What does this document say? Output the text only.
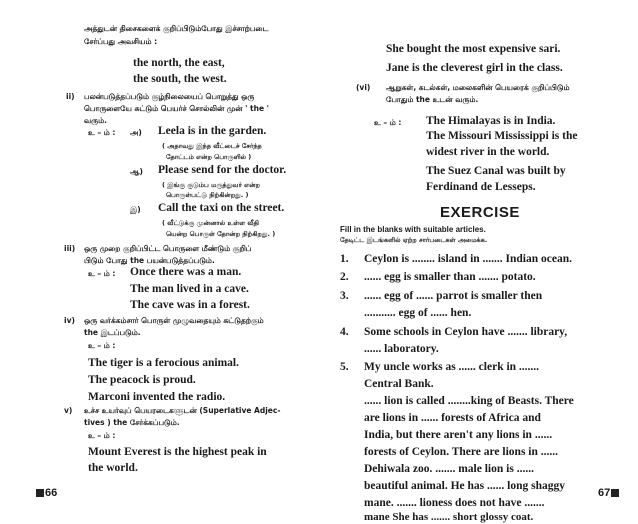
அத்துடன் திசைகளைக் குறிப்பிடும்போது இச்சாற்படை
சேர்ப்பது அவசியம் :
the north, the east,
the south, the west.
ii) பலன்படுத்தப்படும் குழ்நிலையைப் பொறுத்து ஒரு
பொருளையே சுட்டும் பெயர்ச் சொல்லின் முன் ' the '
வரும்.
உ – ம் : அ) Leela is in the garden.
( அதாவது இந்த வீட்டைச் சேர்ந்த
தோட்டம் என்ற பொருளில் )
ஆ) Please send for the doctor.
( இங்கு குடும்ப மருத்துவர் என்ற
பொருள்பட்டு நிற்கின்றது. )
இ) Call the taxi on the street.
( வீட்டுக்கு முன்னால் உள்ள வீதி
யென்ற பொருள் தோன்ற நிற்கிறது. )
iii) ஒரு முறை குறிப்பிட்ட பொருளை மீண்டும் குறிப்
பிடும் போது the பயன்படுத்தப்படும்.
உ – ம் : Once there was a man.
The man lived in a cave.
The cave was in a forest.
iv) ஒரு வர்க்கம்சார் பொருள் முழுவதையும் சுட்டுதற்கும்
the இடப்படும்.
உ – ம் :
The tiger is a ferocious animal.
The peacock is proud.
Marconi invented the radio.
v) உச்ச உயர்வுப் பெயரடைகளுடன் (Superlative Adjec-
tives ) the சேர்க்கப்படும்.
உ – ம் :
Mount Everest is the highest peak in
the world.
66
She bought the most expensive sari.
Jane is the cleverest girl in the class.
(vi) ஆறுகள், கடல்கள், மலைகளின் பெயரைக் குறிப்பிடும்
போதும் the உடன் வரும்.
உ – ம் : The Himalayas is in India.
The Missouri Mississippi is the
widest river in the world.
The Suez Canal was built by
Ferdinand de Lesseps.
EXERCISE
Fill in the blanks with suitable articles.
தேடிட்ட இடங்களில் ஏற்ற சார்படைகள் அமைக்க.
1. Ceylon is ........ island in ....... Indian ocean.
2. ...... egg is smaller than ....... potato.
3. ...... egg of ...... parrot is smaller then
........... egg of ...... hen.
4. Some schools in Ceylon have ....... library,
...... laboratory.
5. My uncle works as ...... clerk in .......
Central Bank.
...... lion is called ........king of Beasts. There
are lions in ...... forests of Africa and
India, but there aren't any lions in ......
forests of Ceylon. There are lions in ......
Dehiwala zoo. ....... male lion is ......
beautiful animal. He has ...... long shaggy
mane. ....... lioness does not have .......
mane She has ....... short glossy coat.
67
